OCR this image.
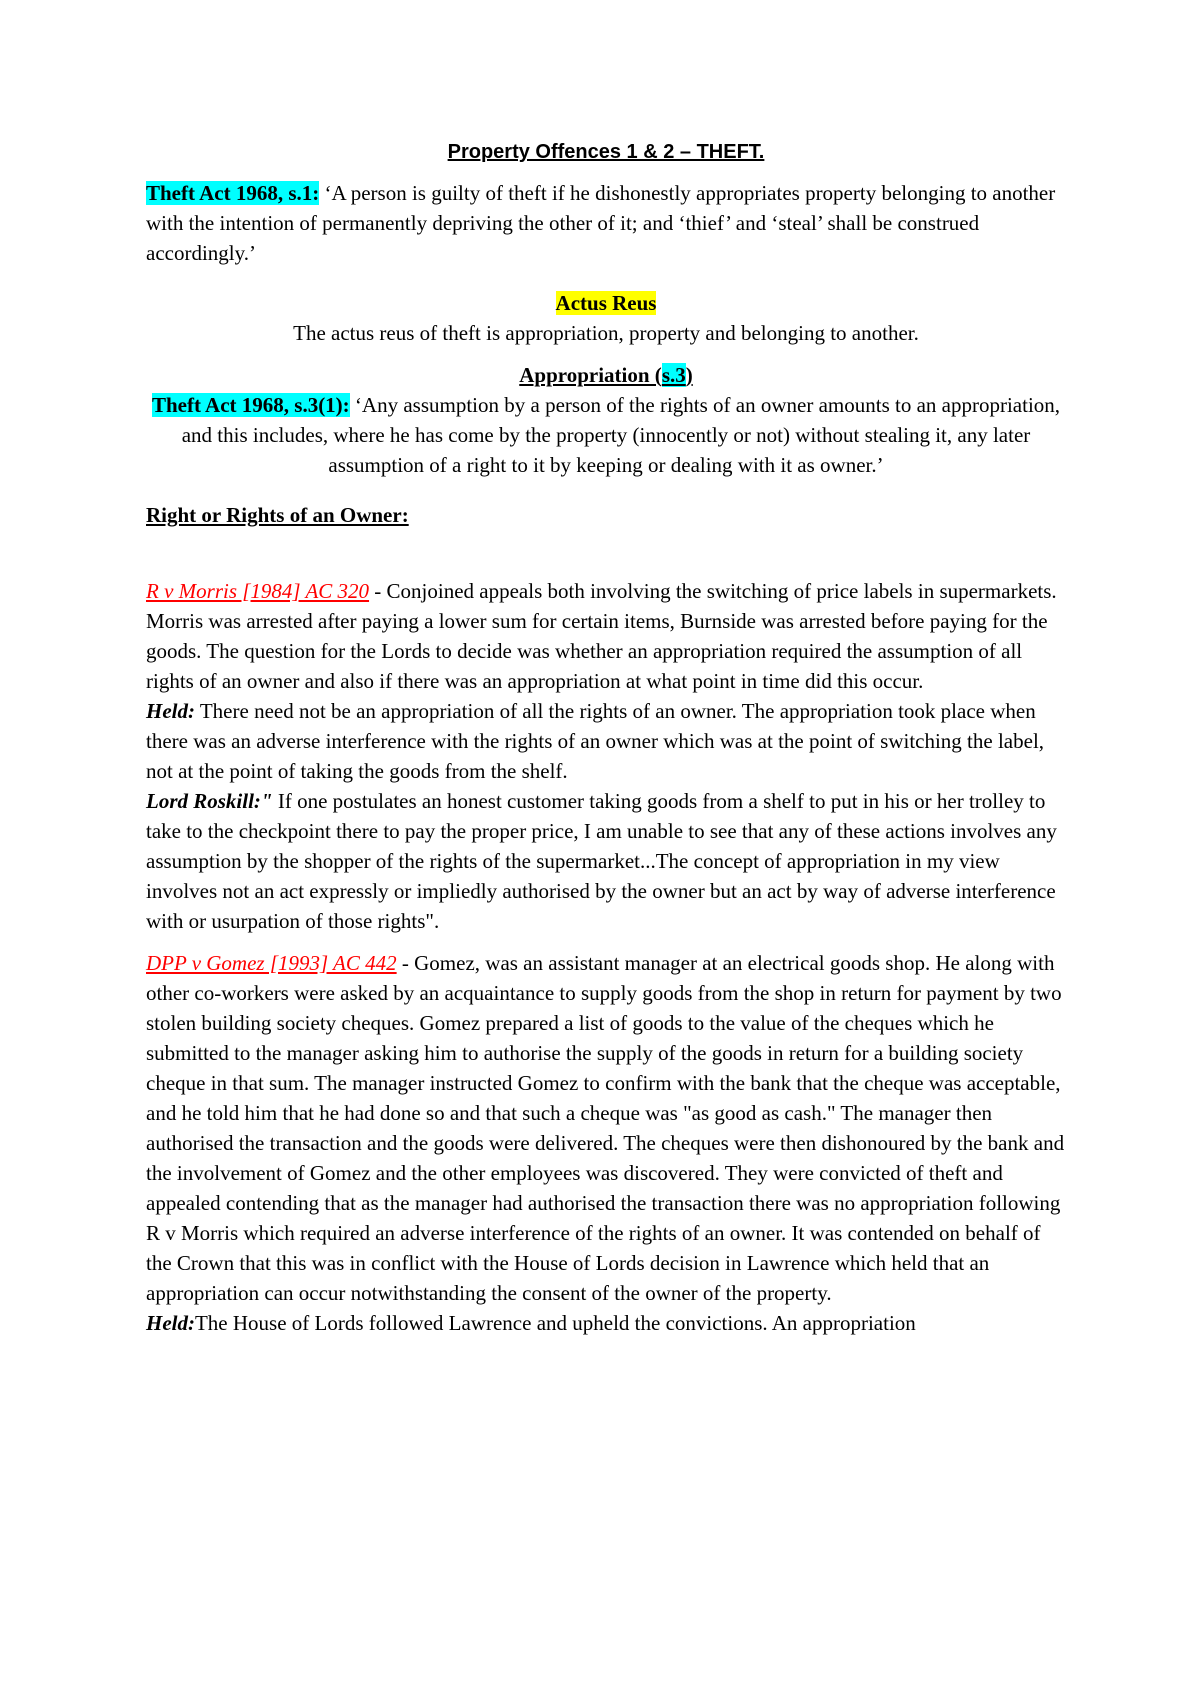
Property Offences 1 & 2 – THEFT.

Theft Act 1968, s.1: ‘A person is guilty of theft if he dishonestly appropriates property belonging to another with the intention of permanently depriving the other of it; and ‘thief’ and ‘steal’ shall be construed accordingly.’

Actus Reus

The actus reus of theft is appropriation, property and belonging to another.

Appropriation (s.3)

Theft Act 1968, s.3(1): ‘Any assumption by a person of the rights of an owner amounts to an appropriation, and this includes, where he has come by the property (innocently or not) without stealing it, any later assumption of a right to it by keeping or dealing with it as owner.’

Right or Rights of an Owner:

R v Morris [1984] AC 320 - Conjoined appeals both involving the switching of price labels in supermarkets. Morris was arrested after paying a lower sum for certain items, Burnside was arrested before paying for the goods. The question for the Lords to decide was whether an appropriation required the assumption of all rights of an owner and also if there was an appropriation at what point in time did this occur.

Held: There need not be an appropriation of all the rights of an owner. The appropriation took place when there was an adverse interference with the rights of an owner which was at the point of switching the label, not at the point of taking the goods from the shelf.

Lord Roskill:" If one postulates an honest customer taking goods from a shelf to put in his or her trolley to take to the checkpoint there to pay the proper price, I am unable to see that any of these actions involves any assumption by the shopper of the rights of the supermarket...The concept of appropriation in my view involves not an act expressly or impliedly authorised by the owner but an act by way of adverse interference with or usurpation of those rights".

DPP v Gomez [1993] AC 442 - Gomez, was an assistant manager at an electrical goods shop. He along with other co-workers were asked by an acquaintance to supply goods from the shop in return for payment by two stolen building society cheques. Gomez prepared a list of goods to the value of the cheques which he submitted to the manager asking him to authorise the supply of the goods in return for a building society cheque in that sum. The manager instructed Gomez to confirm with the bank that the cheque was acceptable, and he told him that he had done so and that such a cheque was "as good as cash." The manager then authorised the transaction and the goods were delivered. The cheques were then dishonoured by the bank and the involvement of Gomez and the other employees was discovered. They were convicted of theft and appealed contending that as the manager had authorised the transaction there was no appropriation following R v Morris which required an adverse interference of the rights of an owner. It was contended on behalf of the Crown that this was in conflict with the House of Lords decision in Lawrence which held that an appropriation can occur notwithstanding the consent of the owner of the property.

Held:The House of Lords followed Lawrence and upheld the convictions. An appropriation
